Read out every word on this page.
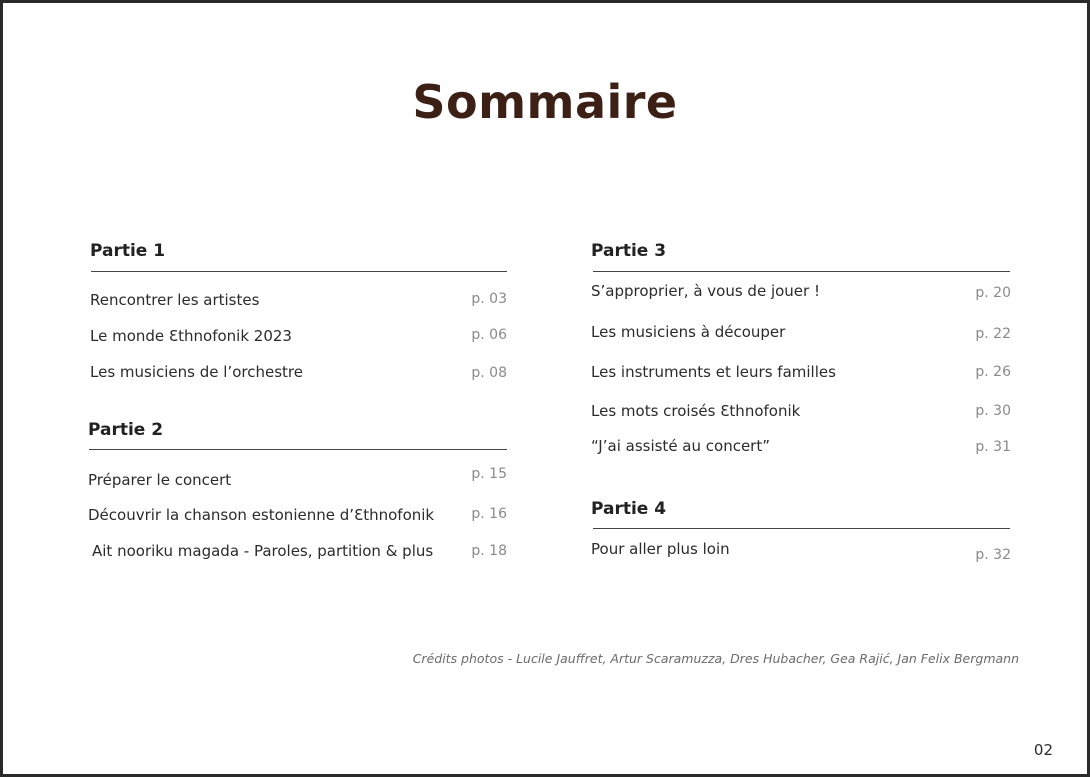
Sommaire
Partie 1
Rencontrer les artistes	p. 03
Le monde Ɛthnofonik 2023	p. 06
Les musiciens de l’orchestre	p. 08
Partie 2
Préparer le concert	p. 15
Découvrir la chanson estonienne d’Ɛthnofonik	p. 16
Ait nooriku magada - Paroles, partition & plus	p. 18
Partie 3
S’approprier, à vous de jouer !	p. 20
Les musiciens à découper	p. 22
Les instruments et leurs familles	p. 26
Les mots croisés Ɛthnofonik	p. 30
“J’ai assisté au concert”	p. 31
Partie 4
Pour aller plus loin	p. 32
Crédits photos - Lucile Jauffret, Artur Scaramuzza, Dres Hubacher, Gea Rajić, Jan Felix Bergmann
02
